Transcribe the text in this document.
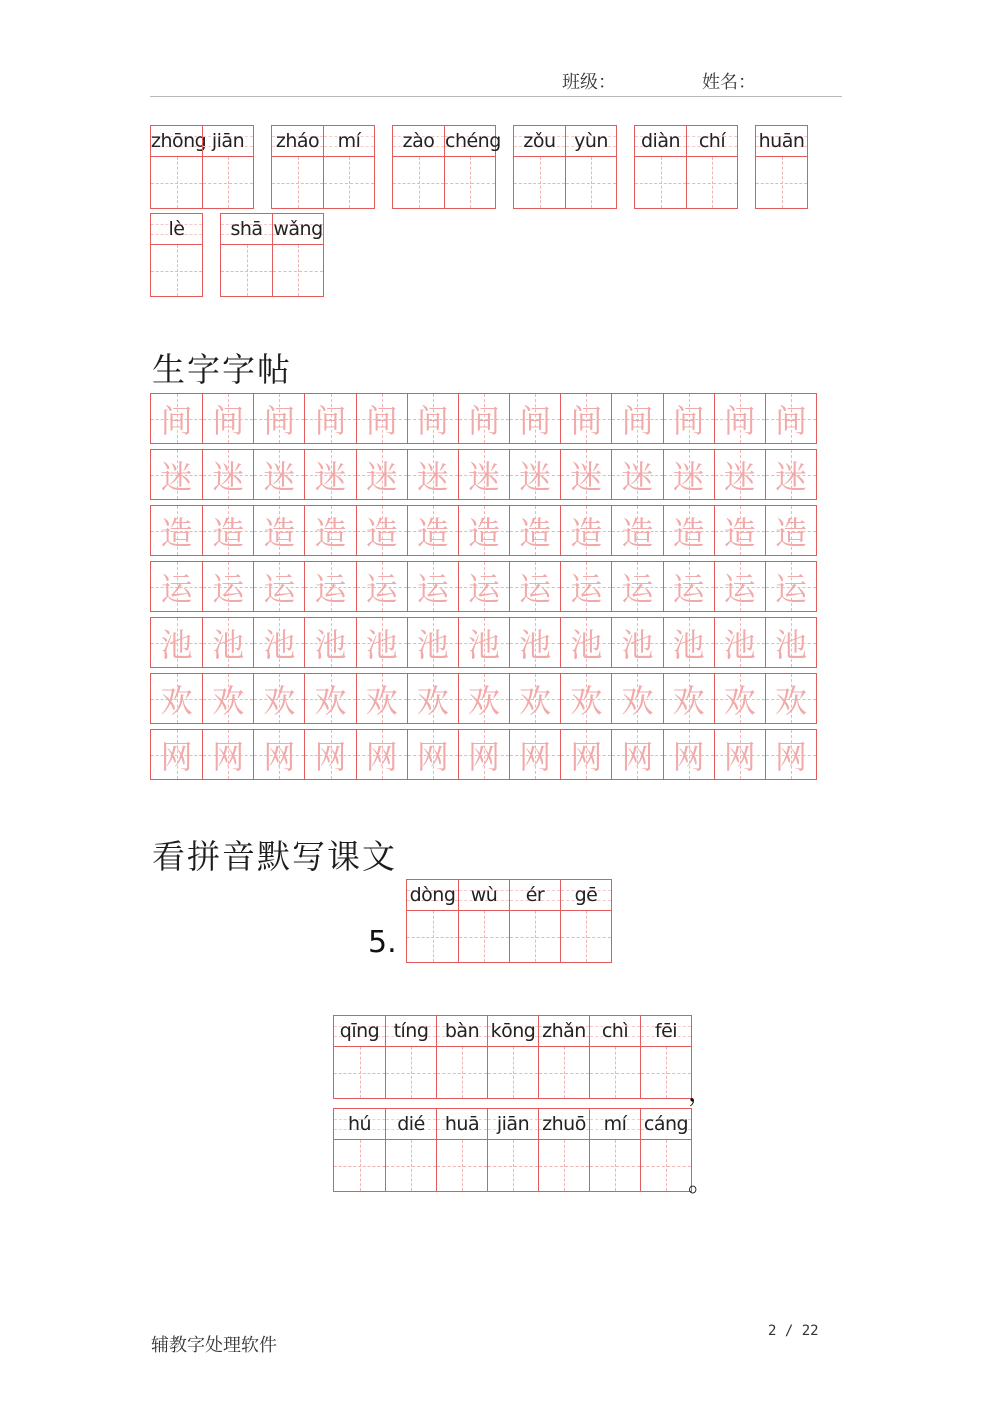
班级：	姓名：
zhōng jiān	zháo mí	zào chéng	zǒu yùn	diàn chí	huān
lè	shā wǎng
生字字帖
间 间 间 间 间 间 间 间 间 间 间 间 间
迷 迷 迷 迷 迷 迷 迷 迷 迷 迷 迷 迷 迷
造 造 造 造 造 造 造 造 造 造 造 造 造
运 运 运 运 运 运 运 运 运 运 运 运 运
池 池 池 池 池 池 池 池 池 池 池 池 池
欢 欢 欢 欢 欢 欢 欢 欢 欢 欢 欢 欢 欢
网 网 网 网 网 网 网 网 网 网 网 网 网
看拼音默写课文
5.
dòng wù	ér	gē
qīng tíng bàn kōng zhǎn chì	fēi
hú	dié	huā jiān zhuō mí cáng
，
。
辅教字处理软件
2 / 22
